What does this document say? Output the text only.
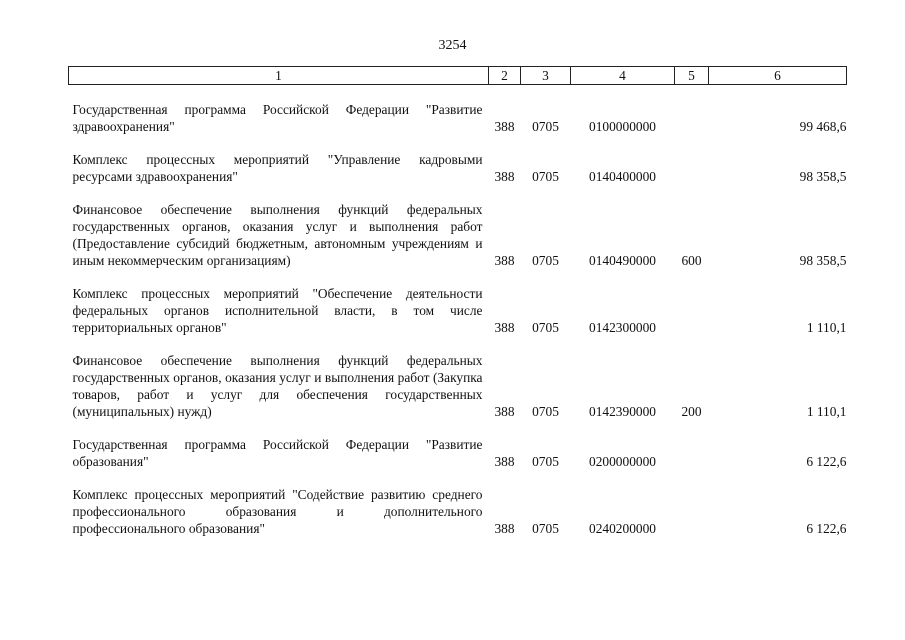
3254
1	2	3	4	5	6

Государственная программа Российской Федерации "Развитие здравоохранения"	388	0705	0100000000		99 468,6

Комплекс процессных мероприятий "Управление кадровыми ресурсами здравоохранения"	388	0705	0140400000		98 358,5

Финансовое обеспечение выполнения функций федеральных государственных органов, оказания услуг и выполнения работ (Предоставление субсидий бюджетным, автономным учреждениям и иным некоммерческим организациям)	388	0705	0140490000	600	98 358,5

Комплекс процессных мероприятий "Обеспечение деятельности федеральных органов исполнительной власти, в том числе территориальных органов"	388	0705	0142300000		1 110,1

Финансовое обеспечение выполнения функций федеральных государственных органов, оказания услуг и выполнения работ (Закупка товаров, работ и услуг для обеспечения государственных (муниципальных) нужд)	388	0705	0142390000	200	1 110,1

Государственная программа Российской Федерации "Развитие образования"	388	0705	0200000000		6 122,6

Комплекс процессных мероприятий "Содействие развитию среднего профессионального образования и дополнительного профессионального образования"	388	0705	0240200000		6 122,6
